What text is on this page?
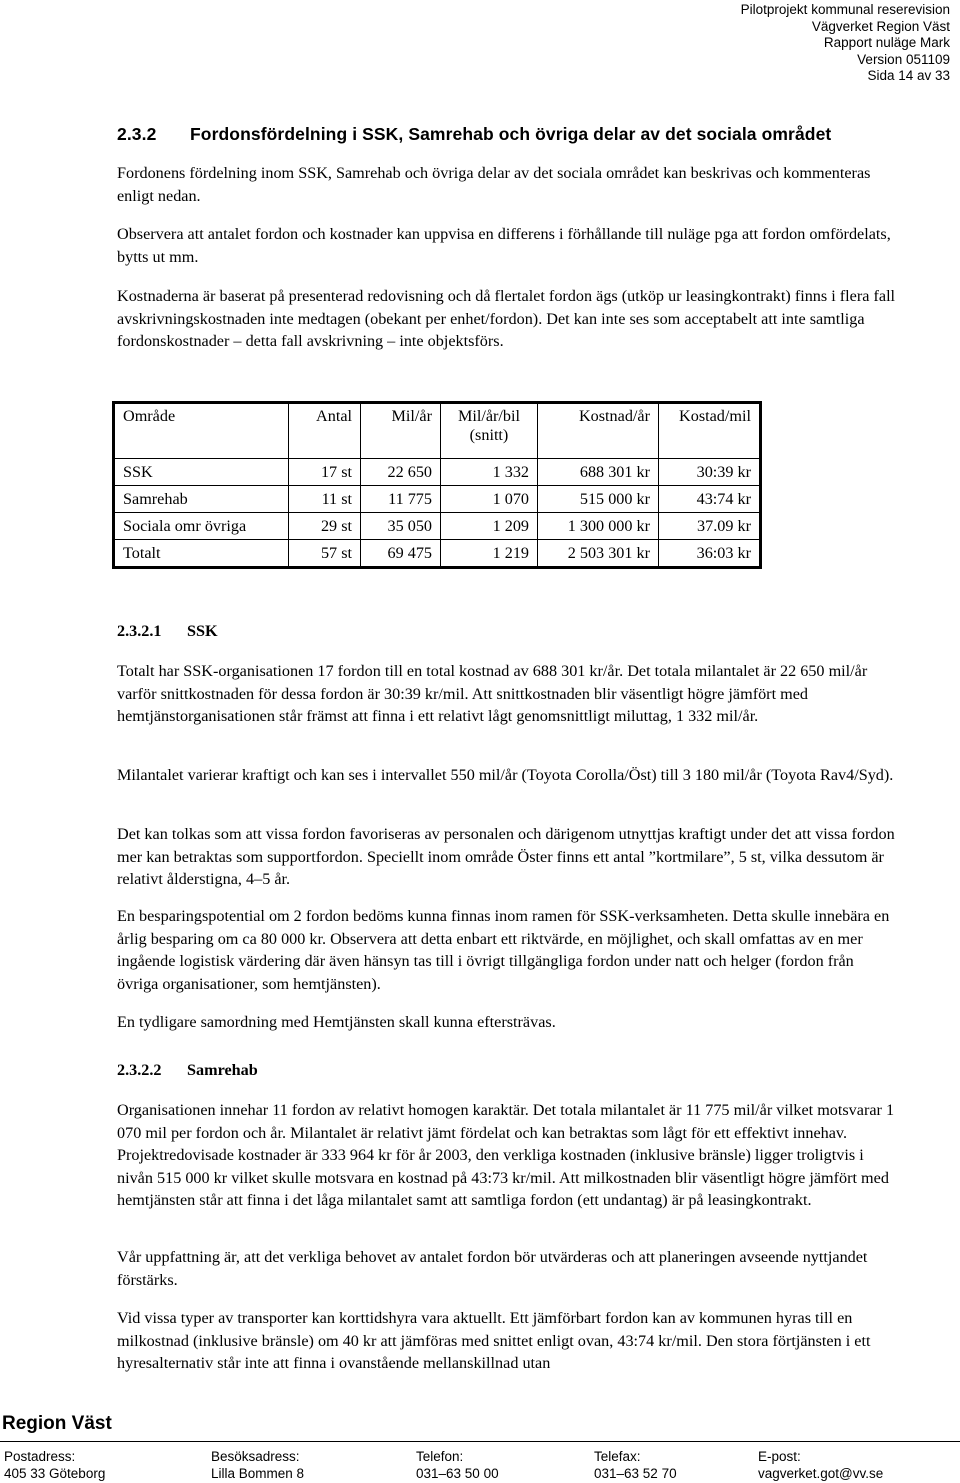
Pilotprojekt kommunal reserevision
Vägverket Region Väst
Rapport nuläge Mark
Version 051109
Sida 14 av 33
2.3.2 Fordonsfördelning i SSK, Samrehab och övriga delar av det sociala området
Fordonens fördelning inom SSK, Samrehab och övriga delar av det sociala området kan beskrivas och kommenteras enligt nedan.
Observera att antalet fordon och kostnader kan uppvisa en differens i förhållande till nuläge pga att fordon omfördelats, bytts ut mm.
Kostnaderna är baserat på presenterad redovisning och då flertalet fordon ägs (utköp ur leasingkontrakt) finns i flera fall avskrivningskostnaden inte medtagen (obekant per enhet/fordon). Det kan inte ses som acceptabelt att inte samtliga fordonskostnader – detta fall avskrivning – inte objektsförs.
Område	Antal	Mil/år	Mil/år/bil (snitt)	Kostnad/år	Kostad/mil
SSK	17 st	22 650	1 332	688 301 kr	30:39 kr
Samrehab	11 st	11 775	1 070	515 000 kr	43:74 kr
Sociala omr övriga	29 st	35 050	1 209	1 300 000 kr	37.09 kr
Totalt	57 st	69 475	1 219	2 503 301 kr	36:03 kr
2.3.2.1 SSK
Totalt har SSK-organisationen 17 fordon till en total kostnad av 688 301 kr/år. Det totala milantalet är 22 650 mil/år varför snittkostnaden för dessa fordon är 30:39 kr/mil. Att snittkostnaden blir väsentligt högre jämfört med hemtjänstorganisationen står främst att finna i ett relativt lågt genomsnittligt miluttag, 1 332 mil/år.
Milantalet varierar kraftigt och kan ses i intervallet 550 mil/år (Toyota Corolla/Öst) till 3 180 mil/år (Toyota Rav4/Syd).
Det kan tolkas som att vissa fordon favoriseras av personalen och därigenom utnyttjas kraftigt under det att vissa fordon mer kan betraktas som supportfordon. Speciellt inom område Öster finns ett antal ”kortmilare”, 5 st, vilka dessutom är relativt ålderstigna, 4–5 år.
En besparingspotential om 2 fordon bedöms kunna finnas inom ramen för SSK-verksamheten. Detta skulle innebära en årlig besparing om ca 80 000 kr. Observera att detta enbart ett riktvärde, en möjlighet, och skall omfattas av en mer ingående logistisk värdering där även hänsyn tas till i övrigt tillgängliga fordon under natt och helger (fordon från övriga organisationer, som hemtjänsten).
En tydligare samordning med Hemtjänsten skall kunna eftersträvas.
2.3.2.2 Samrehab
Organisationen innehar 11 fordon av relativt homogen karaktär. Det totala milantalet är 11 775 mil/år vilket motsvarar 1 070 mil per fordon och år. Milantalet är relativt jämt fördelat och kan betraktas som lågt för ett effektivt innehav. Projektredovisade kostnader är 333 964 kr för år 2003, den verkliga kostnaden (inklusive bränsle) ligger troligtvis i nivån 515 000 kr vilket skulle motsvara en kostnad på 43:73 kr/mil. Att milkostnaden blir väsentligt högre jämfört med hemtjänsten står att finna i det låga milantalet samt att samtliga fordon (ett undantag) är på leasingkontrakt.
Vår uppfattning är, att det verkliga behovet av antalet fordon bör utvärderas och att planeringen avseende nyttjandet förstärks.
Vid vissa typer av transporter kan korttidshyra vara aktuellt. Ett jämförbart fordon kan av kommunen hyras till en milkostnad (inklusive bränsle) om 40 kr att jämföras med snittet enligt ovan, 43:74 kr/mil. Den stora förtjänsten i ett hyresalternativ står inte att finna i ovanstående mellanskillnad utan
Region Väst
Postadress:
405 33 Göteborg
Besöksadress:
Lilla Bommen 8
Telefon:
031–63 50 00
Telefax:
031–63 52 70
E-post:
vagverket.got@vv.se
